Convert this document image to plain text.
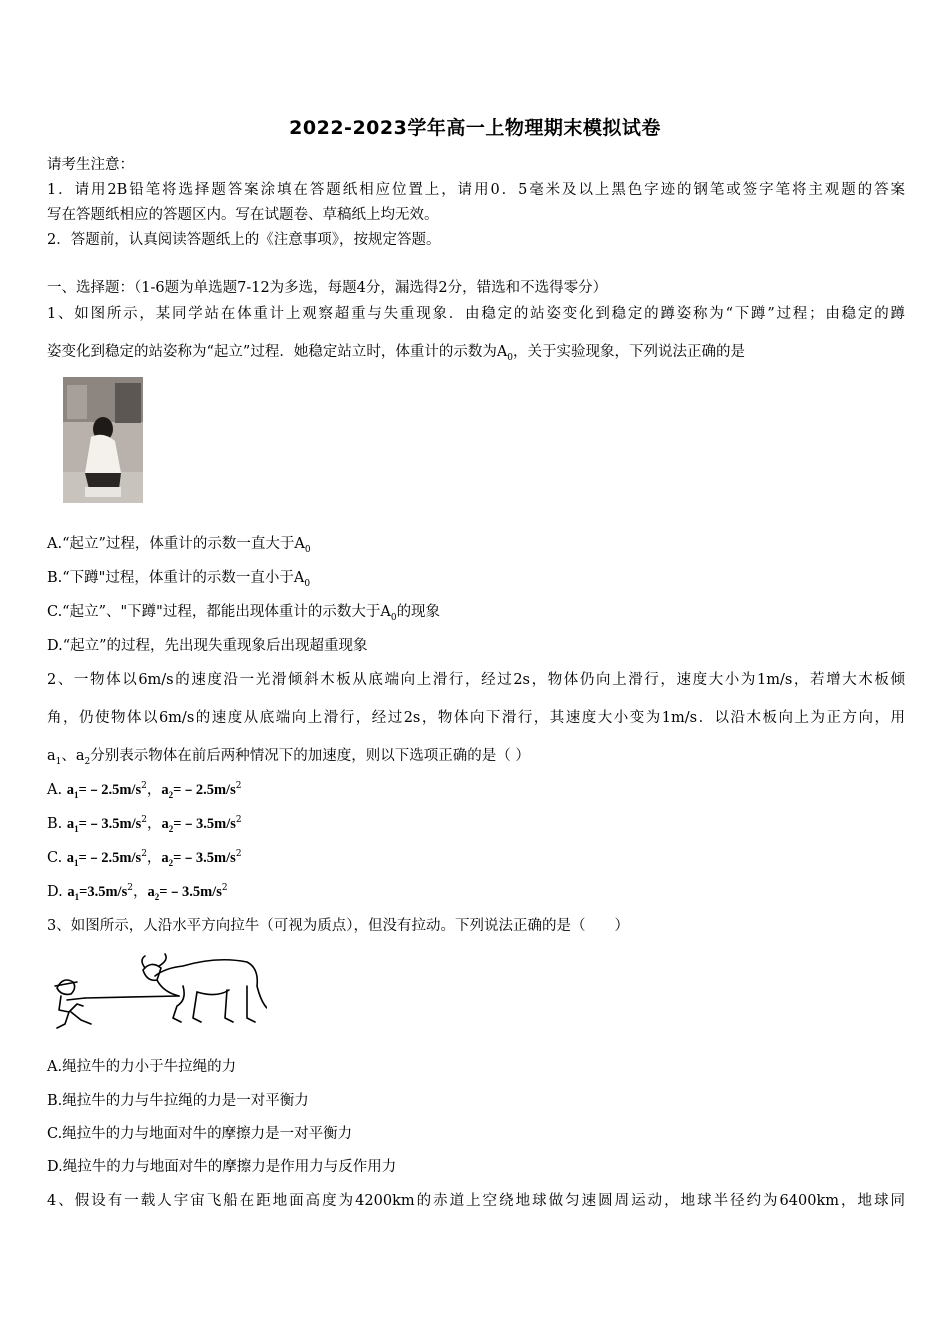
2022-2023学年高一上物理期末模拟试卷
请考生注意：
1．请用2B铅笔将选择题答案涂填在答题纸相应位置上，请用0．5毫米及以上黑色字迹的钢笔或签字笔将主观题的答案
写在答题纸相应的答题区内。写在试题卷、草稿纸上均无效。
2．答题前，认真阅读答题纸上的《注意事项》，按规定答题。
一、选择题：（1-6题为单选题7-12为多选，每题4分，漏选得2分，错选和不选得零分）
1、如图所示，某同学站在体重计上观察超重与失重现象．由稳定的站姿变化到稳定的蹲姿称为“下蹲”过程；由稳定的蹲
姿变化到稳定的站姿称为“起立”过程．她稳定站立时，体重计的示数为$A_0$，关于实验现象，下列说法正确的是
A.“起立”过程，体重计的示数一直大于$A_0$
B.“下蹲"过程，体重计的示数一直小于$A_0$
C.“起立”、"下蹲"过程，都能出现体重计的示数大于$A_0$的现象
D.“起立”的过程，先出现失重现象后出现超重现象
2、一物体以6m/s的速度沿一光滑倾斜木板从底端向上滑行，经过2s，物体仍向上滑行，速度大小为1m/s，若增大木板倾
角，仍使物体以6m/s的速度从底端向上滑行，经过2s，物体向下滑行，其速度大小变为1m/s．以沿木板向上为正方向，用
$a_1$、$a_2$分别表示物体在前后两种情况下的加速度，则以下选项正确的是（ ）
A. $a_1=﹣2.5m/s^2$，$a_2=﹣2.5m/s^2$
B. $a_1=﹣3.5m/s^2$，$a_2=﹣3.5m/s^2$
C. $a_1=﹣2.5m/s^2$，$a_2=﹣3.5m/s^2$
D. $a_1=3.5m/s^2$，$a_2=﹣3.5m/s^2$
3、如图所示，人沿水平方向拉牛（可视为质点），但没有拉动。下列说法正确的是（　　）
A.绳拉牛的力小于牛拉绳的力
B.绳拉牛的力与牛拉绳的力是一对平衡力
C.绳拉牛的力与地面对牛的摩擦力是一对平衡力
D.绳拉牛的力与地面对牛的摩擦力是作用力与反作用力
4、假设有一载人宇宙飞船在距地面高度为4200km的赤道上空绕地球做匀速圆周运动，地球半径约为6400km，地球同
